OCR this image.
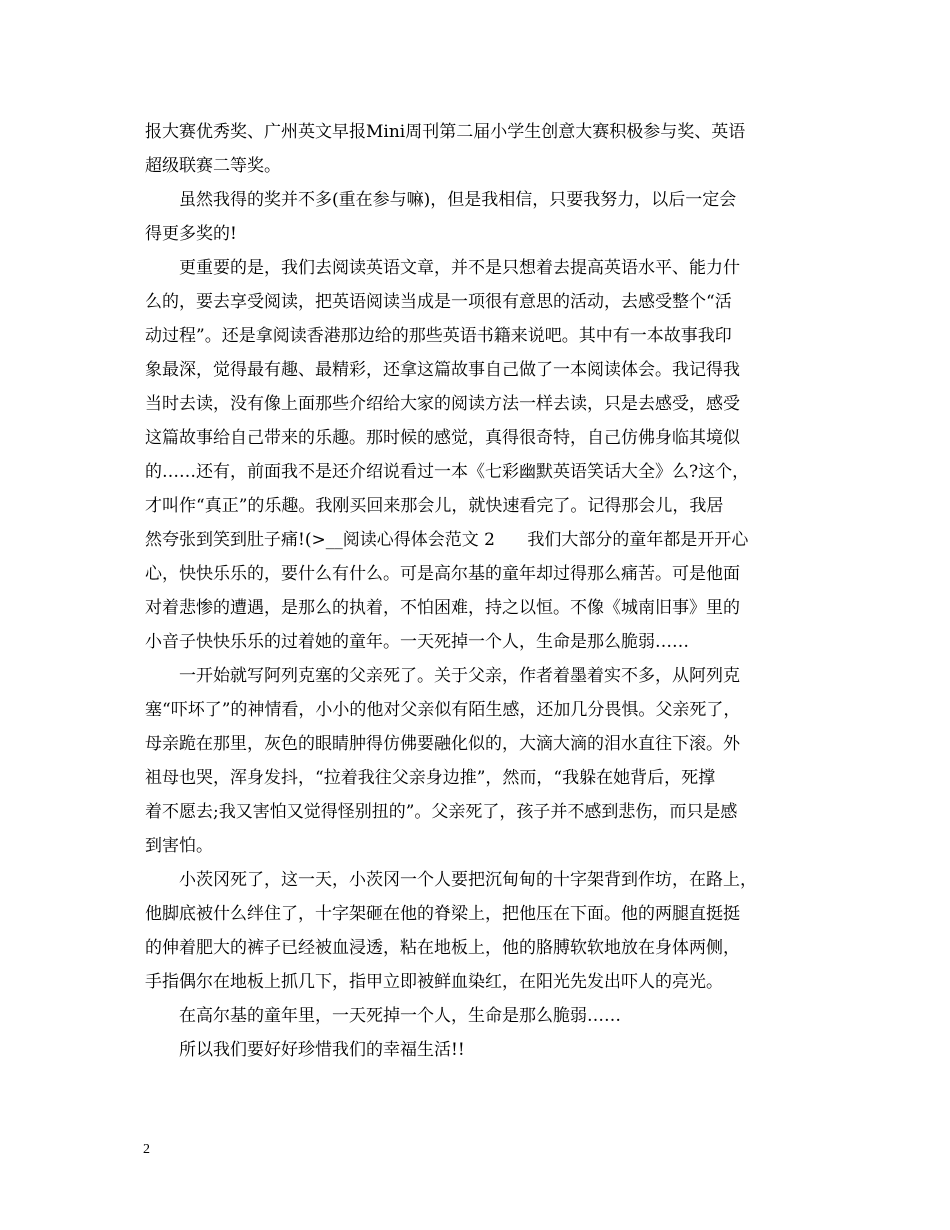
报大赛优秀奖、广州英文早报Mini周刊第二届小学生创意大赛积极参与奖、英语
超级联赛二等奖。
虽然我得的奖并不多(重在参与嘛)，但是我相信，只要我努力，以后一定会
得更多奖的!
更重要的是，我们去阅读英语文章，并不是只想着去提高英语水平、能力什
么的，要去享受阅读，把英语阅读当成是一项很有意思的活动，去感受整个“活
动过程”。还是拿阅读香港那边给的那些英语书籍来说吧。其中有一本故事我印
象最深，觉得最有趣、最精彩，还拿这篇故事自己做了一本阅读体会。我记得我
当时去读，没有像上面那些介绍给大家的阅读方法一样去读，只是去感受，感受
这篇故事给自己带来的乐趣。那时候的感觉，真得很奇特，自己仿佛身临其境似
的……还有，前面我不是还介绍说看过一本《七彩幽默英语笑话大全》么?这个，
才叫作“真正”的乐趣。我刚买回来那会儿，就快速看完了。记得那会儿，我居
然夸张到笑到肚子痛!(>__阅读心得体会范文 2      我们大部分的童年都是开开心
心，快快乐乐的，要什么有什么。可是高尔基的童年却过得那么痛苦。可是他面
对着悲惨的遭遇，是那么的执着，不怕困难，持之以恒。不像《城南旧事》里的
小音子快快乐乐的过着她的童年。一天死掉一个人，生命是那么脆弱……
一开始就写阿列克塞的父亲死了。关于父亲，作者着墨着实不多，从阿列克
塞“吓坏了”的神情看，小小的他对父亲似有陌生感，还加几分畏惧。父亲死了，
母亲跪在那里，灰色的眼睛肿得仿佛要融化似的，大滴大滴的泪水直往下滚。外
祖母也哭，浑身发抖，“拉着我往父亲身边推”，然而，“我躲在她背后，死撑
着不愿去;我又害怕又觉得怪别扭的”。父亲死了，孩子并不感到悲伤，而只是感
到害怕。
小茨冈死了，这一天，小茨冈一个人要把沉甸甸的十字架背到作坊，在路上，
他脚底被什么绊住了，十字架砸在他的脊梁上，把他压在下面。他的两腿直挺挺
的伸着肥大的裤子已经被血浸透，粘在地板上，他的胳膊软软地放在身体两侧，
手指偶尔在地板上抓几下，指甲立即被鲜血染红，在阳光先发出吓人的亮光。
在高尔基的童年里，一天死掉一个人，生命是那么脆弱……
所以我们要好好珍惜我们的幸福生活!!
2
